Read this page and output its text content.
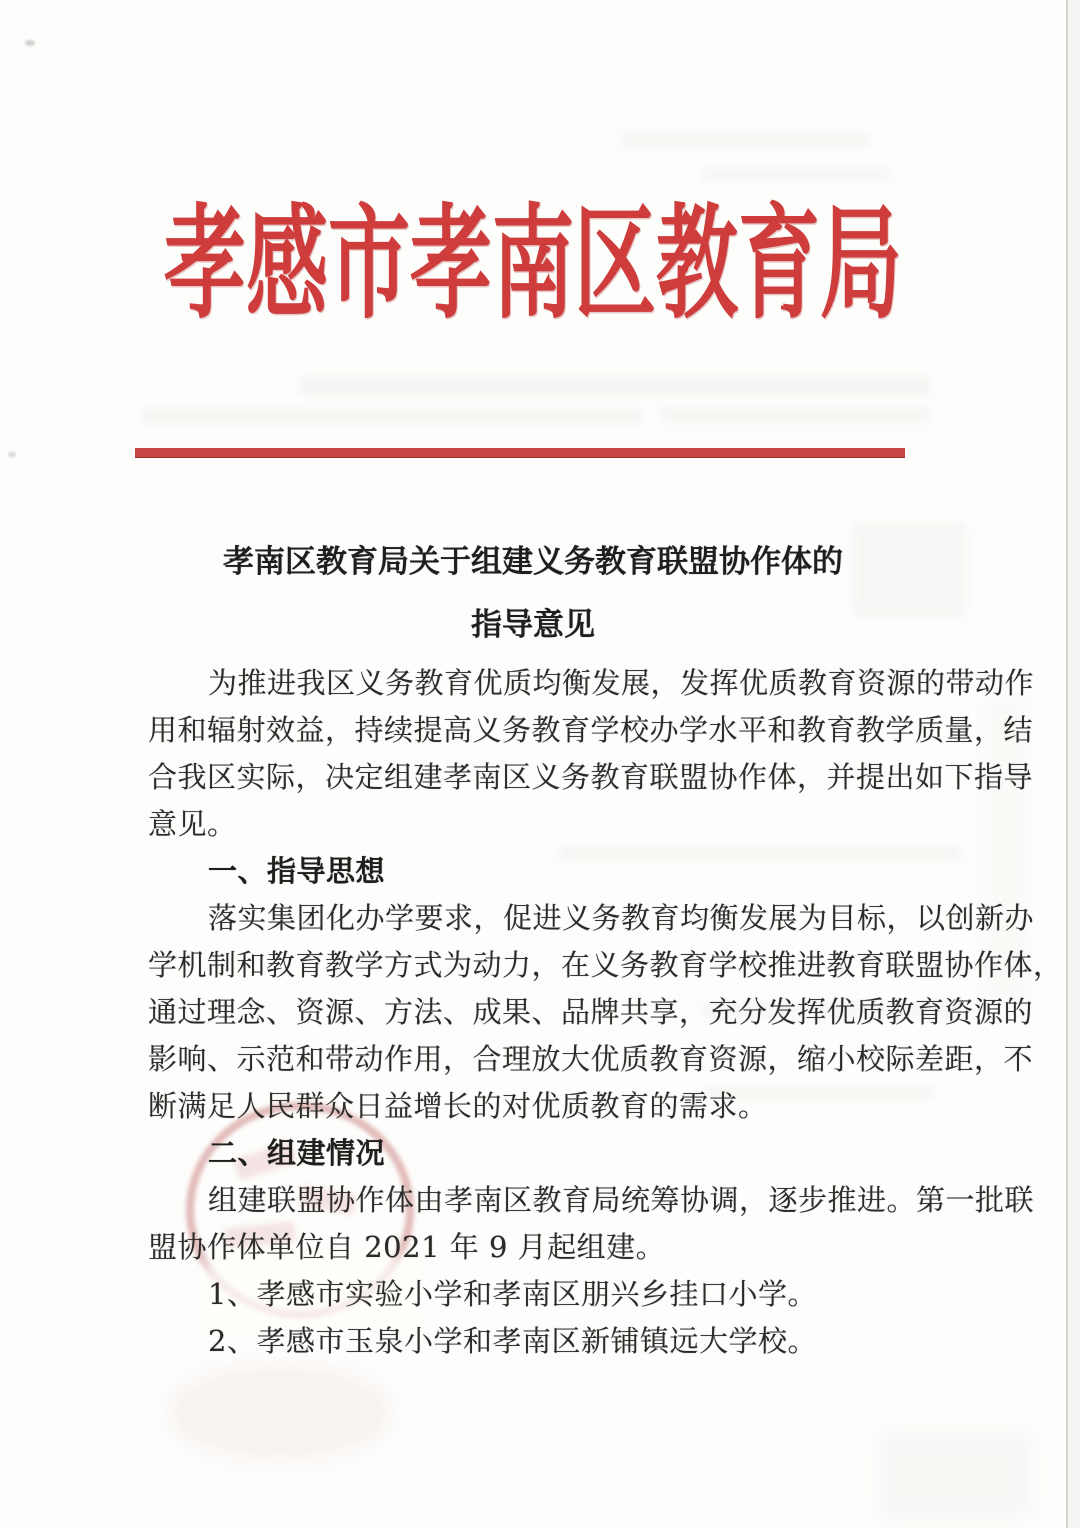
孝感市孝南区教育局
孝南区教育局关于组建义务教育联盟协作体的
指导意见
为推进我区义务教育优质均衡发展，发挥优质教育资源的带动作
用和辐射效益，持续提高义务教育学校办学水平和教育教学质量，结
合我区实际，决定组建孝南区义务教育联盟协作体，并提出如下指导
意见。
一、指导思想
落实集团化办学要求，促进义务教育均衡发展为目标，以创新办
学机制和教育教学方式为动力，在义务教育学校推进教育联盟协作体，
通过理念、资源、方法、成果、品牌共享，充分发挥优质教育资源的
影响、示范和带动作用，合理放大优质教育资源，缩小校际差距，不
断满足人民群众日益增长的对优质教育的需求。
二、组建情况
组建联盟协作体由孝南区教育局统筹协调，逐步推进。第一批联
盟协作体单位自 2021 年 9 月起组建。
1、孝感市实验小学和孝南区朋兴乡挂口小学。
2、孝感市玉泉小学和孝南区新铺镇远大学校。
